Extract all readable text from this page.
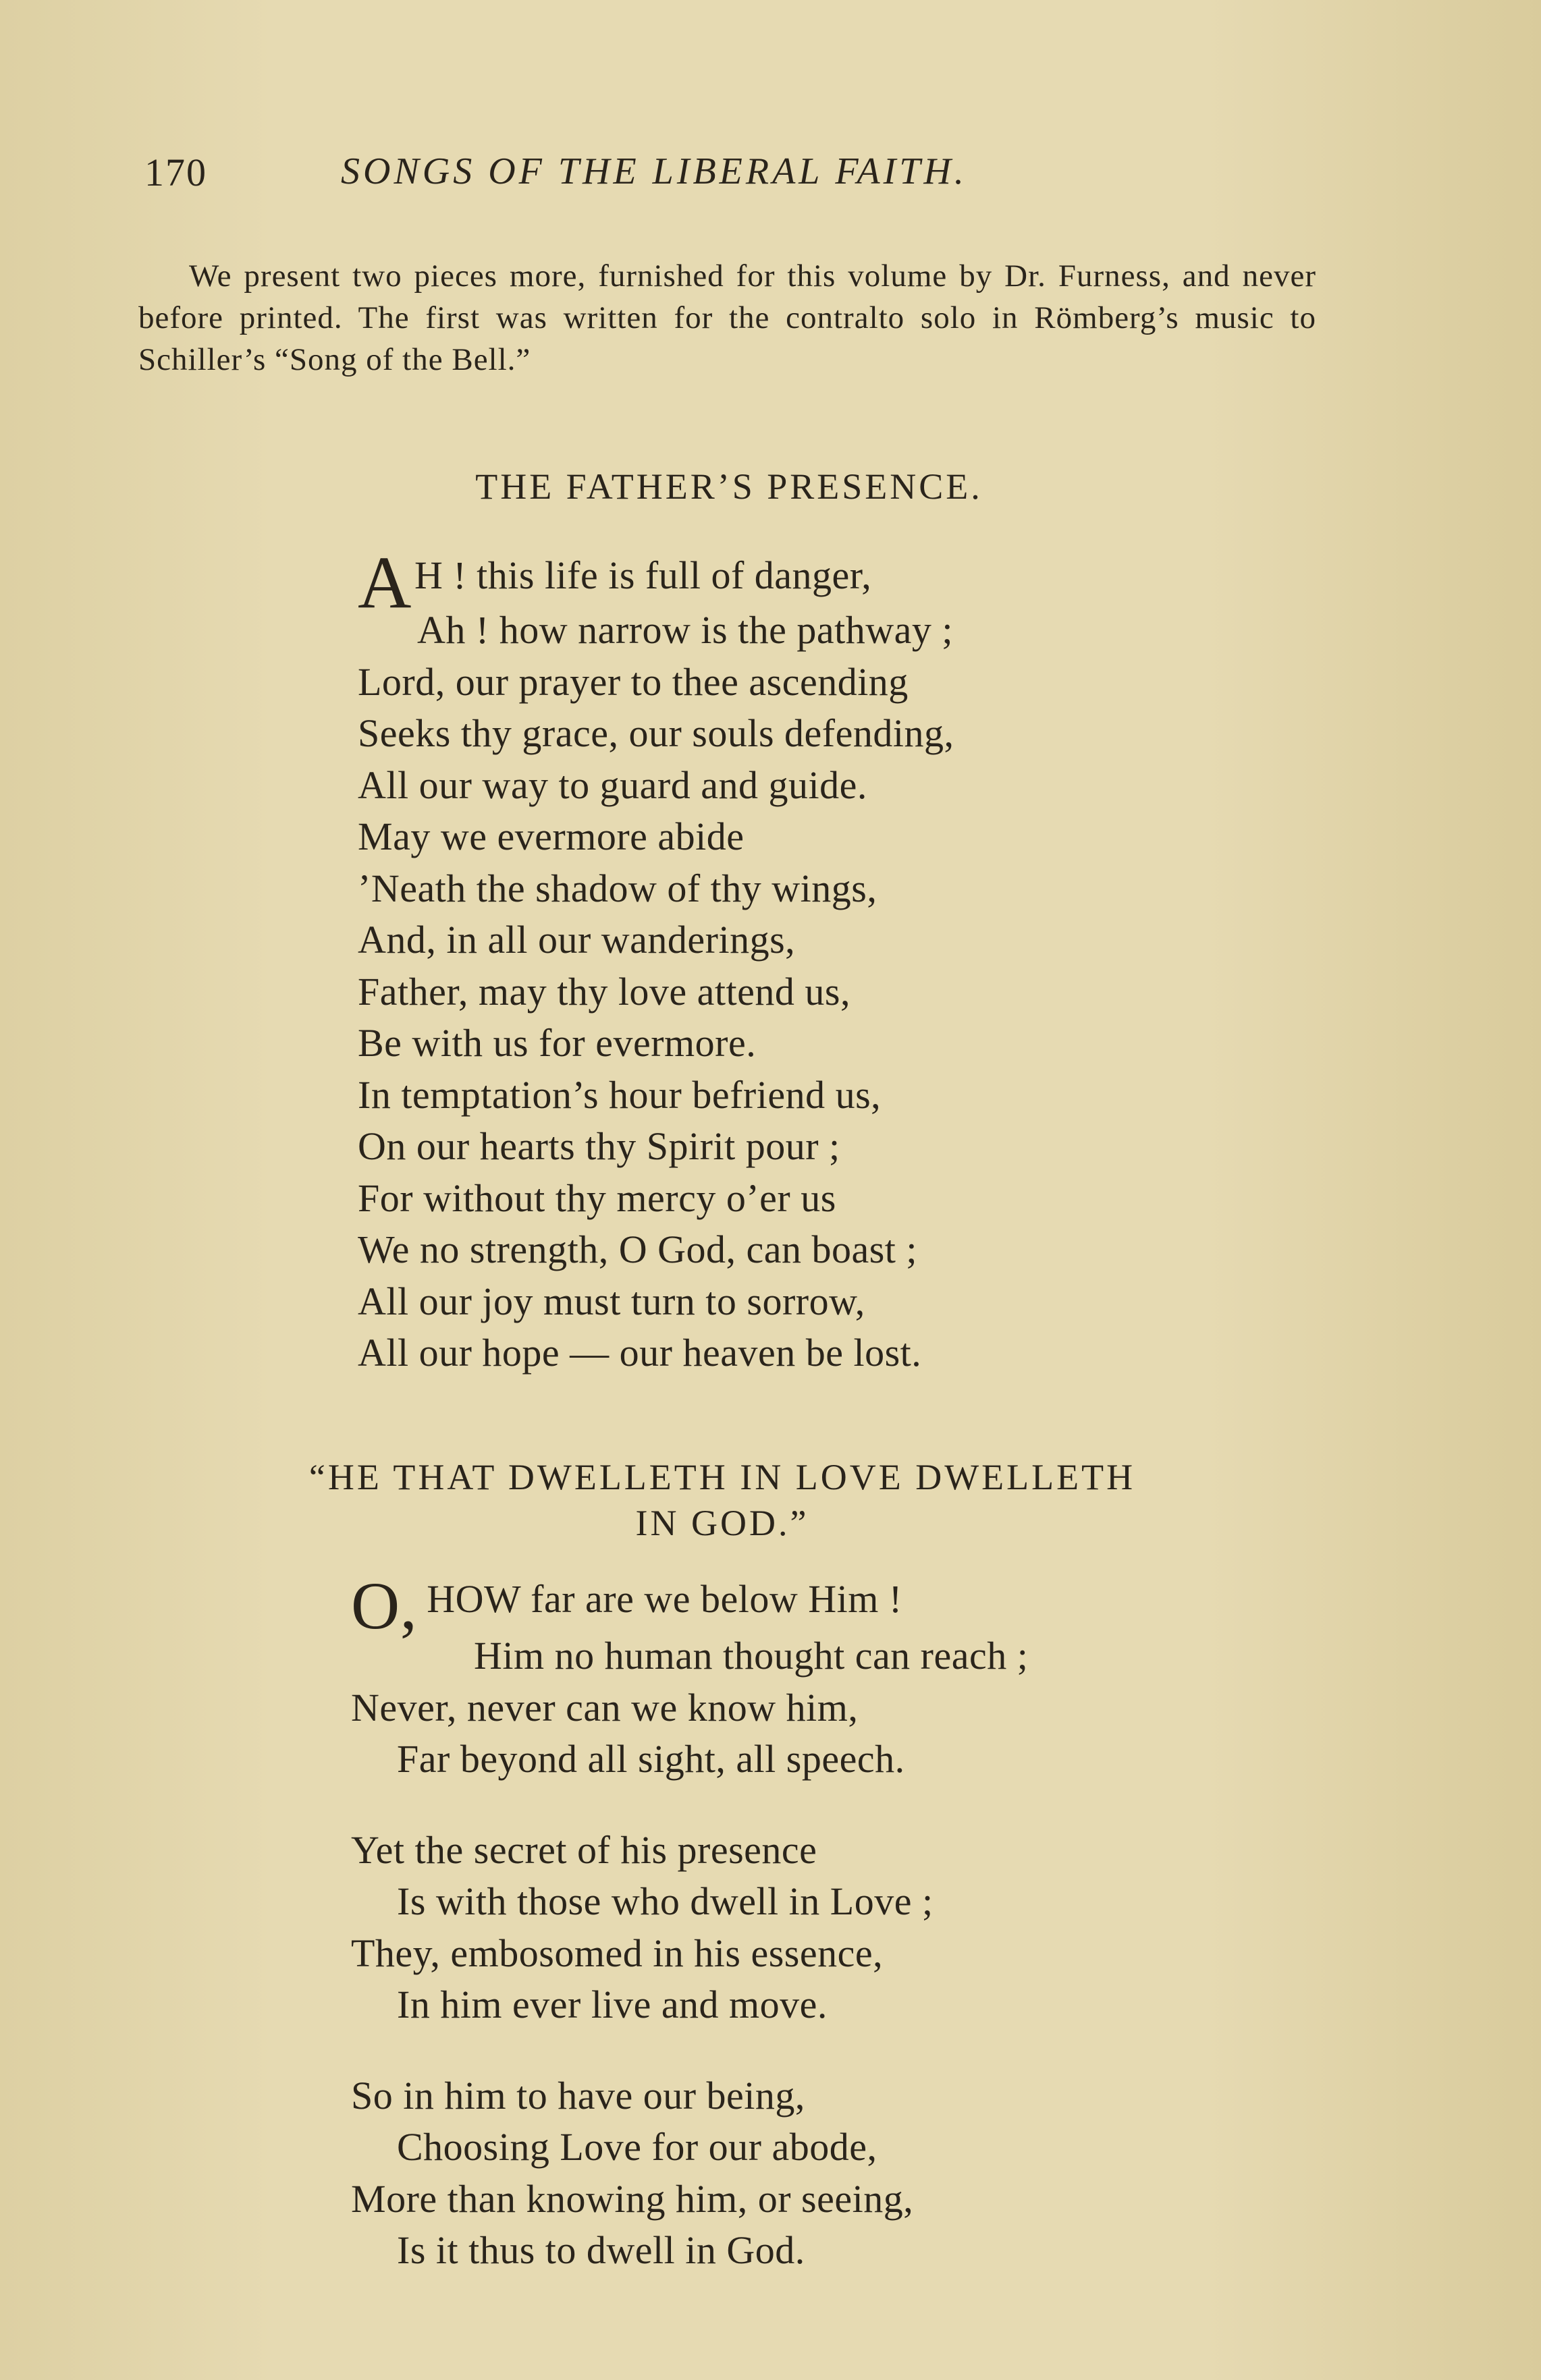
170	SONGS OF THE LIBERAL FAITH.

We present two pieces more, furnished for this volume by Dr. Furness, and never before printed. The first was written for the contralto solo in Römberg’s music to Schiller’s “Song of the Bell.”

THE FATHER’S PRESENCE.
AH ! this life is full of danger,
Ah ! how narrow is the pathway ;
Lord, our prayer to thee ascending
Seeks thy grace, our souls defending,
All our way to guard and guide.
May we evermore abide
’Neath the shadow of thy wings,
And, in all our wanderings,
Father, may thy love attend us,
Be with us for evermore.
In temptation’s hour befriend us,
On our hearts thy Spirit pour ;
For without thy mercy o’er us
We no strength, O God, can boast ;
All our joy must turn to sorrow,
All our hope — our heaven be lost.
“HE THAT DWELLETH IN LOVE DWELLETH
IN GOD.”
O, HOW far are we below Him !
Him no human thought can reach ;
Never, never can we know him,
Far beyond all sight, all speech.
Yet the secret of his presence
Is with those who dwell in Love ;
They, embosomed in his essence,
In him ever live and move.
So in him to have our being,
Choosing Love for our abode,
More than knowing him, or seeing,
Is it thus to dwell in God.
